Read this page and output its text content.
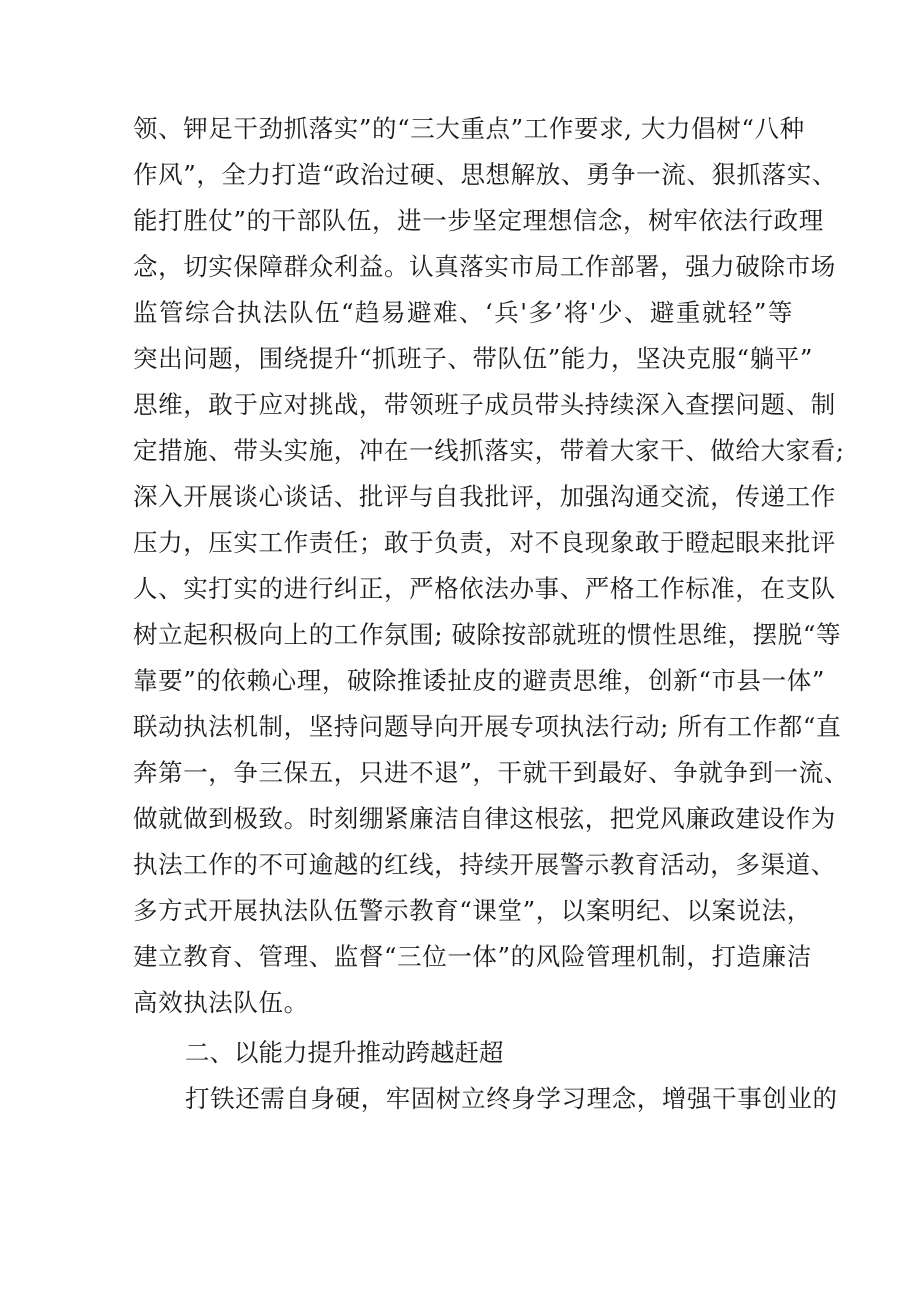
领、钾足干劲抓落实”的“三大重点”工作要求, 大力倡树“八种
作风”，全力打造“政治过硬、思想解放、勇争一流、狠抓落实、
能打胜仗”的干部队伍，进一步坚定理想信念，树牢依法行政理
念，切实保障群众利益。认真落实市局工作部署，强力破除市场
监管综合执法队伍“趋易避难、‘兵'多’将'少、避重就轻”等
突出问题，围绕提升“抓班子、带队伍”能力，坚决克服“躺平”
思维，敢于应对挑战，带领班子成员带头持续深入查摆问题、制
定措施、带头实施，冲在一线抓落实，带着大家干、做给大家看;
深入开展谈心谈话、批评与自我批评，加强沟通交流，传递工作
压力，压实工作责任；敢于负责，对不良现象敢于瞪起眼来批评
人、实打实的进行纠正，严格依法办事、严格工作标准，在支队
树立起积极向上的工作氛围; 破除按部就班的惯性思维，摆脱“等
靠要”的依赖心理，破除推诿扯皮的避责思维，创新“市县一体”
联动执法机制，坚持问题导向开展专项执法行动; 所有工作都“直
奔第一，争三保五，只进不退”，干就干到最好、争就争到一流、
做就做到极致。时刻绷紧廉洁自律这根弦，把党风廉政建设作为
执法工作的不可逾越的红线，持续开展警示教育活动，多渠道、
多方式开展执法队伍警示教育“课堂”，以案明纪、以案说法，
建立教育、管理、监督“三位一体”的风险管理机制，打造廉洁
高效执法队伍。
二、以能力提升推动跨越赶超
打铁还需自身硬，牢固树立终身学习理念，增强干事创业的
